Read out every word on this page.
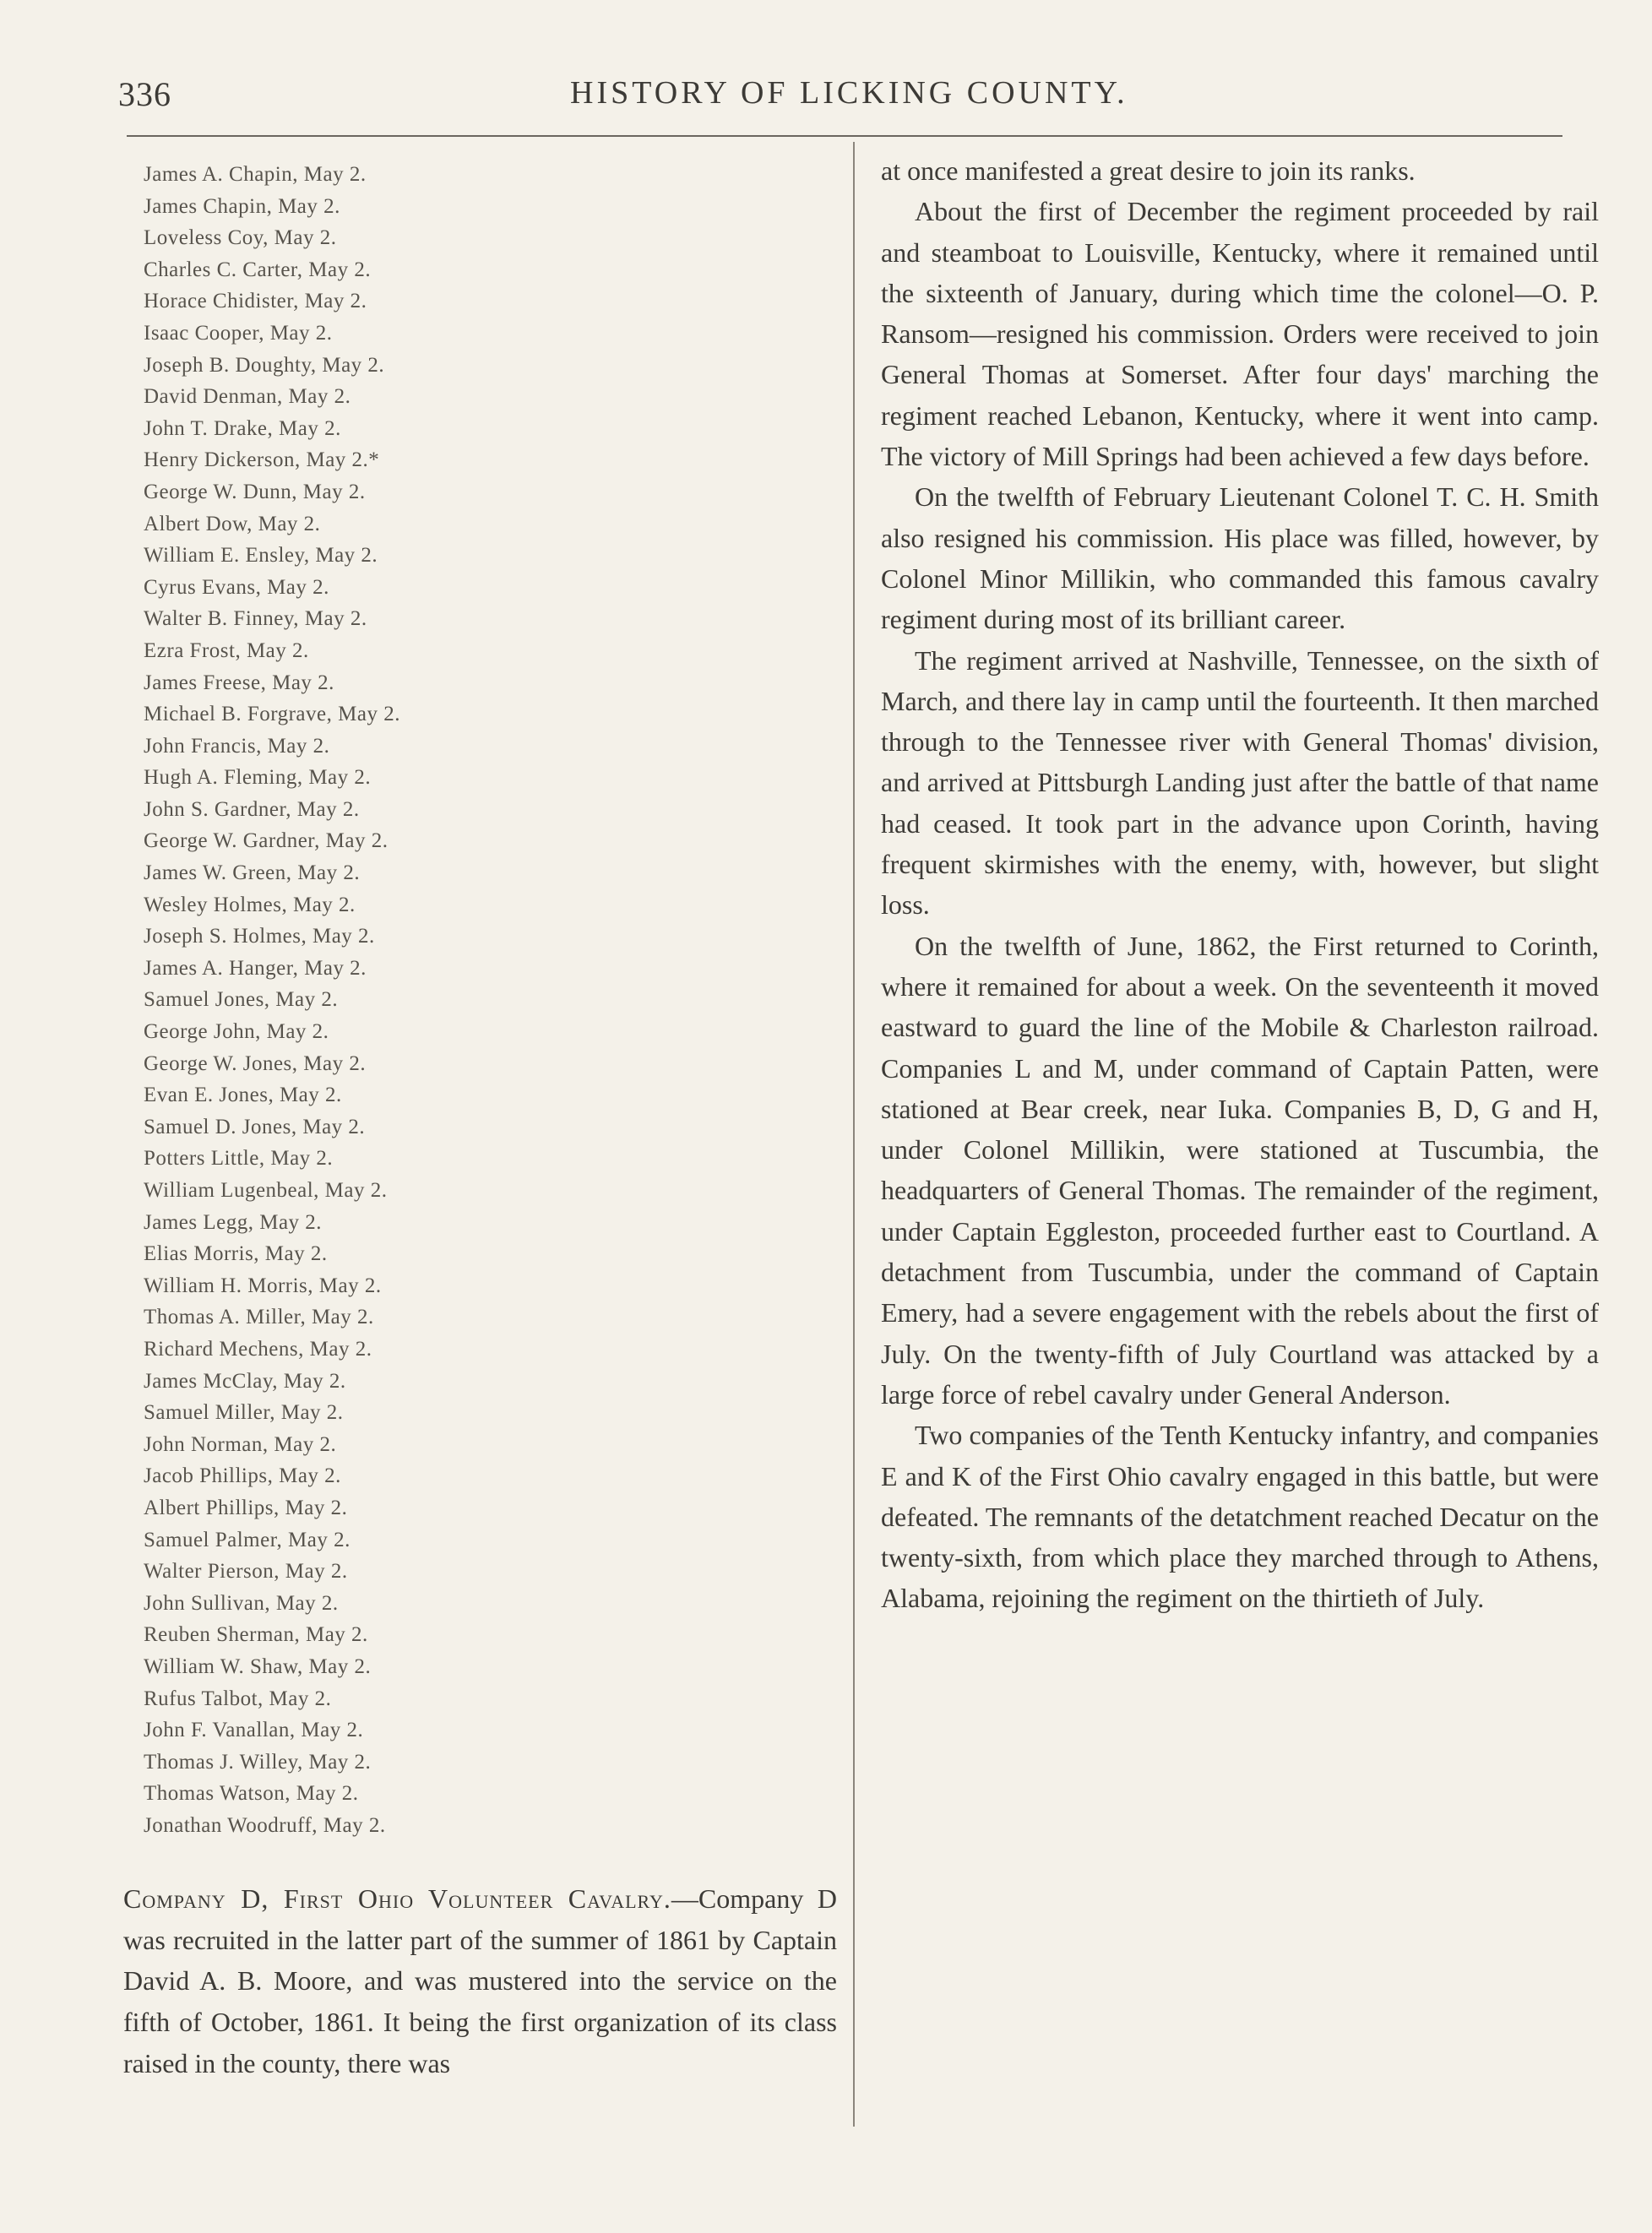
336	HISTORY OF LICKING COUNTY.
James A. Chapin, May 2.
James Chapin, May 2.
Loveless Coy, May 2.
Charles C. Carter, May 2.
Horace Chidister, May 2.
Isaac Cooper, May 2.
Joseph B. Doughty, May 2.
David Denman, May 2.
John T. Drake, May 2.
Henry Dickerson, May 2.*
George W. Dunn, May 2.
Albert Dow, May 2.
William E. Ensley, May 2.
Cyrus Evans, May 2.
Walter B. Finney, May 2.
Ezra Frost, May 2.
James Freese, May 2.
Michael B. Forgrave, May 2.
John Francis, May 2.
Hugh A. Fleming, May 2.
John S. Gardner, May 2.
George W. Gardner, May 2.
James W. Green, May 2.
Wesley Holmes, May 2.
Joseph S. Holmes, May 2.
James A. Hanger, May 2.
Samuel Jones, May 2.
George John, May 2.
George W. Jones, May 2.
Evan E. Jones, May 2.
Samuel D. Jones, May 2.
Potters Little, May 2.
William Lugenbeal, May 2.
James Legg, May 2.
Elias Morris, May 2.
William H. Morris, May 2.
Thomas A. Miller, May 2.
Richard Mechens, May 2.
James McClay, May 2.
Samuel Miller, May 2.
John Norman, May 2.
Jacob Phillips, May 2.
Albert Phillips, May 2.
Samuel Palmer, May 2.
Walter Pierson, May 2.
John Sullivan, May 2.
Reuben Sherman, May 2.
William W. Shaw, May 2.
Rufus Talbot, May 2.
John F. Vanallan, May 2.
Thomas J. Willey, May 2.
Thomas Watson, May 2.
Jonathan Woodruff, May 2.

Company D, First Ohio Volunteer Cavalry.—Company D was recruited in the latter part of the summer of 1861 by Captain David A. B. Moore, and was mustered into the service on the fifth of October, 1861. It being the first organization of its class raised in the county, there was

at once manifested a great desire to join its ranks.

About the first of December the regiment proceeded by rail and steamboat to Louisville, Kentucky, where it remained until the sixteenth of January, during which time the colonel—O. P. Ransom—resigned his commission. Orders were received to join General Thomas at Somerset. After four days' marching the regiment reached Lebanon, Kentucky, where it went into camp. The victory of Mill Springs had been achieved a few days before.

On the twelfth of February Lieutenant Colonel T. C. H. Smith also resigned his commission. His place was filled, however, by Colonel Minor Millikin, who commanded this famous cavalry regiment during most of its brilliant career.

The regiment arrived at Nashville, Tennessee, on the sixth of March, and there lay in camp until the fourteenth. It then marched through to the Tennessee river with General Thomas' division, and arrived at Pittsburgh Landing just after the battle of that name had ceased. It took part in the advance upon Corinth, having frequent skirmishes with the enemy, with, however, but slight loss.

On the twelfth of June, 1862, the First returned to Corinth, where it remained for about a week. On the seventeenth it moved eastward to guard the line of the Mobile & Charleston railroad. Companies L and M, under command of Captain Patten, were stationed at Bear creek, near Iuka. Companies B, D, G and H, under Colonel Millikin, were stationed at Tuscumbia, the headquarters of General Thomas. The remainder of the regiment, under Captain Eggleston, proceeded further east to Courtland. A detachment from Tuscumbia, under the command of Captain Emery, had a severe engagement with the rebels about the first of July. On the twenty-fifth of July Courtland was attacked by a large force of rebel cavalry under General Anderson.

Two companies of the Tenth Kentucky infantry, and companies E and K of the First Ohio cavalry engaged in this battle, but were defeated. The remnants of the detatchment reached Decatur on the twenty-sixth, from which place they marched through to Athens, Alabama, rejoining the regiment on the thirtieth of July.
